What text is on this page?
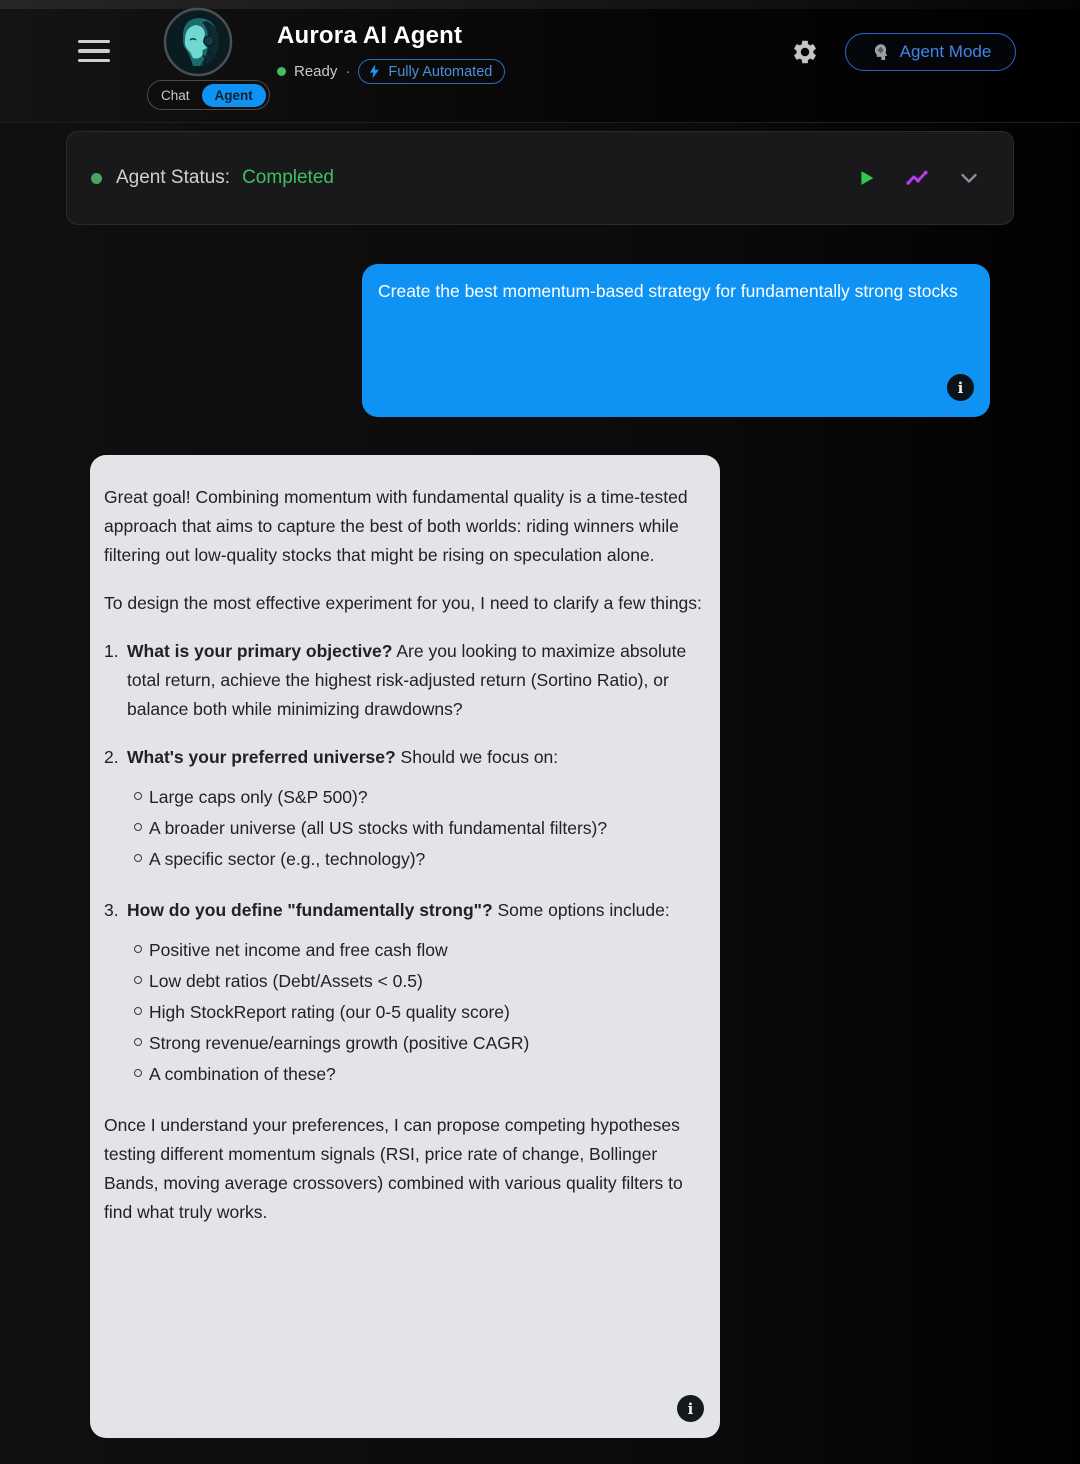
Chat	Agent
Aurora AI Agent
Ready ·	Fully Automated
Agent Mode
Agent Status: Completed
Create the best momentum-based strategy for fundamentally strong stocks
i

Great goal! Combining momentum with fundamental quality is a time-tested approach that aims to capture the best of both worlds: riding winners while filtering out low-quality stocks that might be rising on speculation alone.

To design the most effective experiment for you, I need to clarify a few things:

1. What is your primary objective? Are you looking to maximize absolute total return, achieve the highest risk-adjusted return (Sortino Ratio), or balance both while minimizing drawdowns?
2. What's your preferred universe? Should we focus on:
Large caps only (S&P 500)?
A broader universe (all US stocks with fundamental filters)?
A specific sector (e.g., technology)?
3. How do you define "fundamentally strong"? Some options include:
Positive net income and free cash flow
Low debt ratios (Debt/Assets < 0.5)
High StockReport rating (our 0-5 quality score)
Strong revenue/earnings growth (positive CAGR)
A combination of these?

Once I understand your preferences, I can propose competing hypotheses testing different momentum signals (RSI, price rate of change, Bollinger Bands, moving average crossovers) combined with various quality filters to find what truly works.

i
